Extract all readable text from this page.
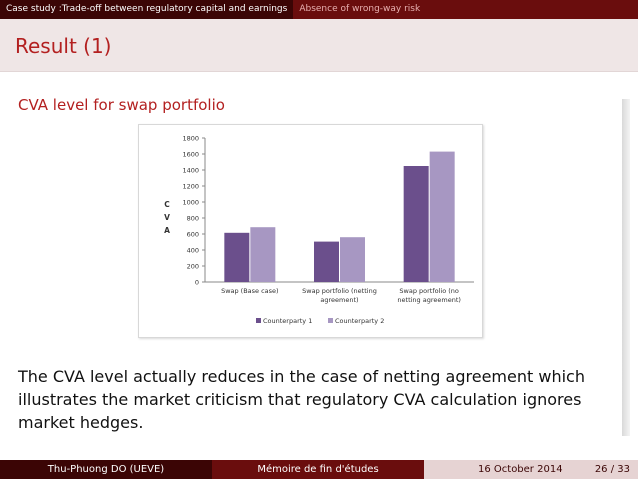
Case study :Trade-off between regulatory capital and earnings	Absence of wrong-way risk
Result (1)
CVA level for swap portfolio
0
200
400
600
800
1000
1200
1400
1600
1800
C
V
A
Swap (Base case)	Swap portfolio (netting
agreement)
Swap portfolio (no
netting agreement)
Counterparty 1	Counterparty 2
The CVA level actually reduces in the case of netting agreement which illustrates the market criticism that regulatory CVA calculation ignores market hedges.
Thu-Phuong DO (UEVE)	Mémoire de fin d'études	16 October 2014	26 / 33
